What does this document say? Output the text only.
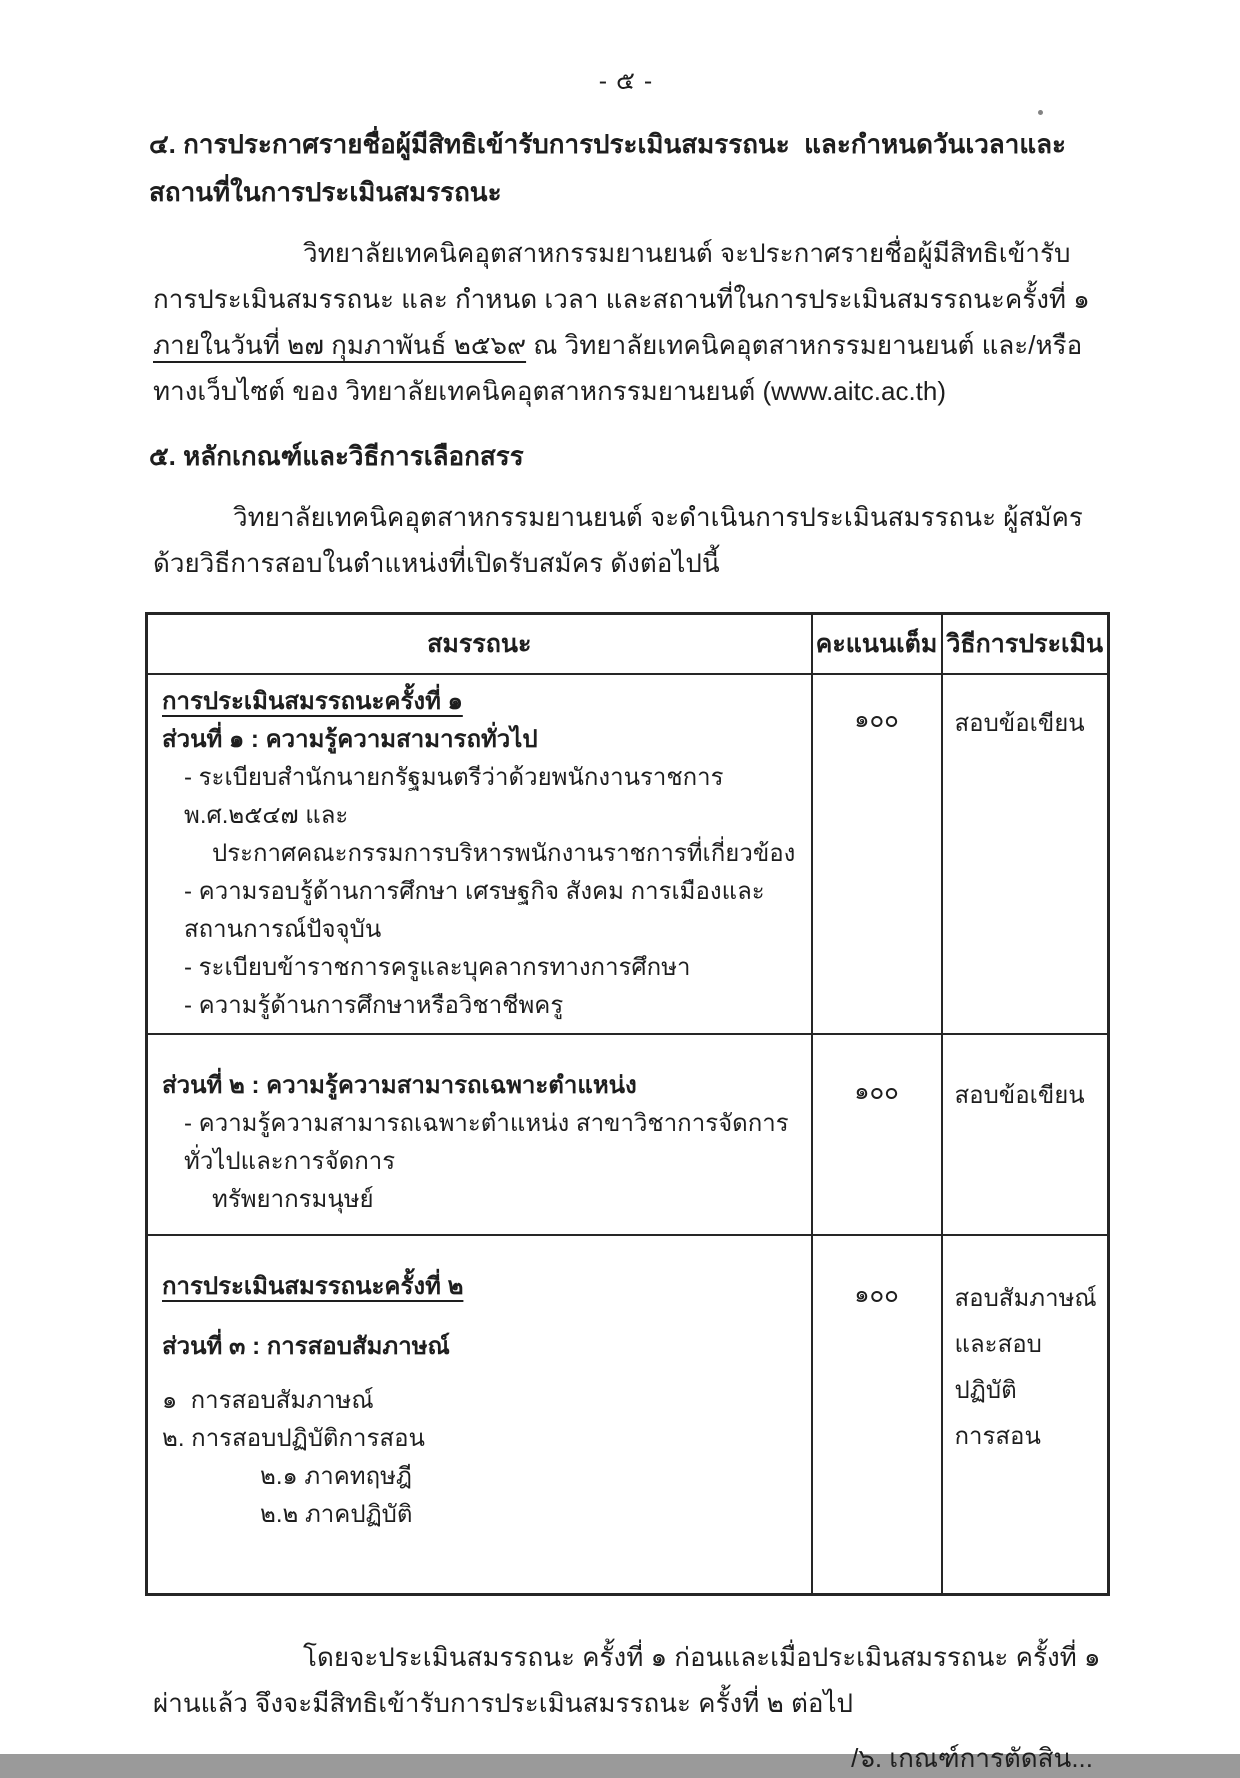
- ๕ -
๔. การประกาศรายชื่อผู้มีสิทธิเข้ารับการประเมินสมรรถนะ  และกำหนดวันเวลาและสถานที่ในการประเมินสมรรถนะ

วิทยาลัยเทคนิคอุตสาหกรรมยานยนต์ จะประกาศรายชื่อผู้มีสิทธิเข้ารับการประเมินสมรรถนะ และ กำหนด เวลา และสถานที่ในการประเมินสมรรถนะครั้งที่ ๑ ภายในวันที่ ๒๗ กุมภาพันธ์ ๒๕๖๙ ณ วิทยาลัยเทคนิคอุตสาหกรรมยานยนต์ และ/หรือทางเว็บไซต์ ของ วิทยาลัยเทคนิคอุตสาหกรรมยานยนต์ (www.aitc.ac.th)

๕. หลักเกณฑ์และวิธีการเลือกสรร

วิทยาลัยเทคนิคอุตสาหกรรมยานยนต์ จะดำเนินการประเมินสมรรถนะ ผู้สมัครด้วยวิธีการสอบในตำแหน่งที่เปิดรับสมัคร ดังต่อไปนี้

สมรรถนะ	คะแนนเต็ม	วิธีการประเมิน

การประเมินสมรรถนะครั้งที่ ๑
ส่วนที่ ๑ : ความรู้ความสามารถทั่วไป
- ระเบียบสำนักนายกรัฐมนตรีว่าด้วยพนักงานราชการ พ.ศ.๒๕๔๗ และ
ประกาศคณะกรรมการบริหารพนักงานราชการที่เกี่ยวข้อง
- ความรอบรู้ด้านการศึกษา เศรษฐกิจ สังคม การเมืองและสถานการณ์ปัจจุบัน
- ระเบียบข้าราชการครูและบุคลากรทางการศึกษา
- ความรู้ด้านการศึกษาหรือวิชาชีพครู

๑๐๐	สอบข้อเขียน

ส่วนที่ ๒ : ความรู้ความสามารถเฉพาะตำแหน่ง
- ความรู้ความสามารถเฉพาะตำแหน่ง สาขาวิชาการจัดการทั่วไปและการจัดการ
ทรัพยากรมนุษย์	๑๐๐	สอบข้อเขียน

การประเมินสมรรถนะครั้งที่ ๒
ส่วนที่ ๓ : การสอบสัมภาษณ์
๑  การสอบสัมภาษณ์
๒. การสอบปฏิบัติการสอน
๒.๑ ภาคทฤษฎี
๒.๒ ภาคปฏิบัติ

๑๐๐	สอบสัมภาษณ์
และสอบปฏิบัติ
การสอน

โดยจะประเมินสมรรถนะ ครั้งที่ ๑ ก่อนและเมื่อประเมินสมรรถนะ ครั้งที่ ๑ ผ่านแล้ว จึงจะมีสิทธิเข้ารับการประเมินสมรรถนะ ครั้งที่ ๒ ต่อไป

/๖. เกณฑ์การตัดสิน...
